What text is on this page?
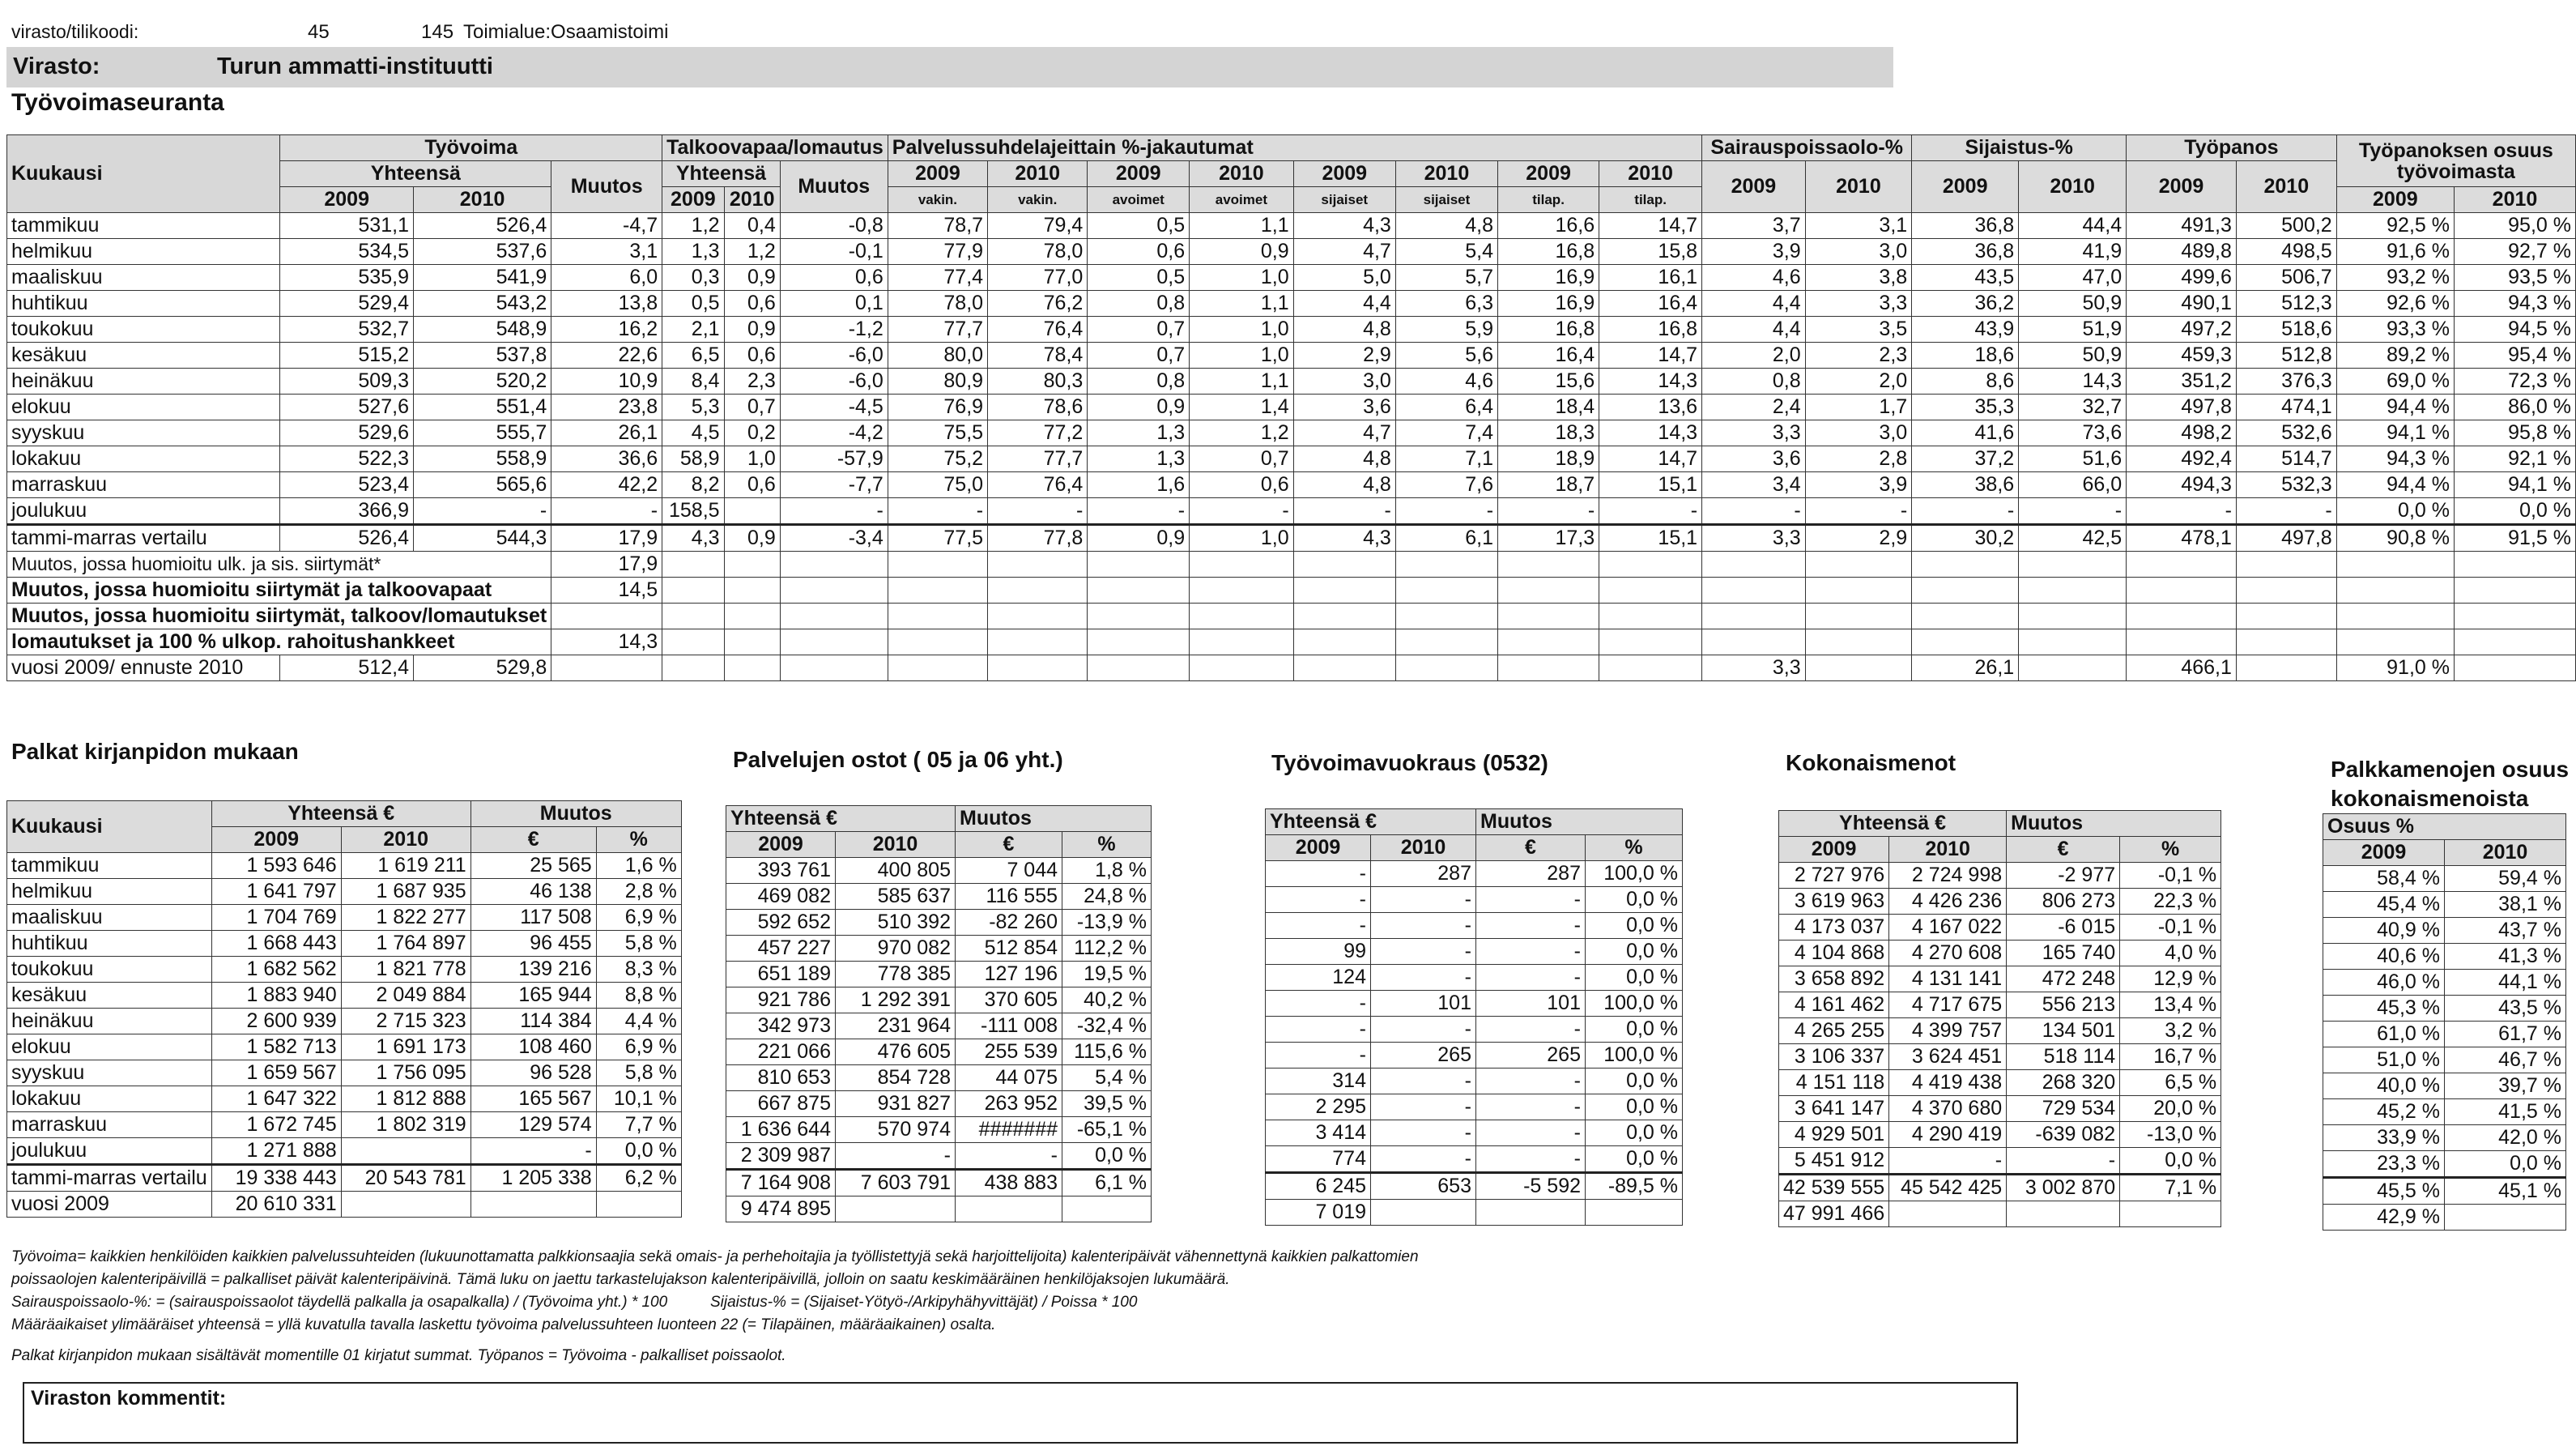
virasto/tilikoodi:	45	145 Toimialue:Osaamistoimi
Virasto:	Turun ammatti-instituutti
Työvoimaseuranta
Kuukausi	Työvoima			Talkoovapaa/lomautus			Palvelussuhdelajeittain %-jakautumat								Sairauspoissaolo-%		Sijaistus-%		Työpanos		Työpanoksen osuus työvoimasta	
	Yhteensä		Muutos	Yhteensä		Muutos	2009	2010	2009	2010	2009	2010	2009	2010	2009	2010	2009	2010	2009	2010		
	2009	2010		2009	2010		vakin.	vakin.	avoimet	avoimet	sijaiset	sijaiset	tilap.	tilap.							2009	2010
tammikuu	531,1	526,4	-4,7	1,2	0,4	-0,8	78,7	79,4	0,5	1,1	4,3	4,8	16,6	14,7	3,7	3,1	36,8	44,4	491,3	500,2	92,5 %	95,0 %
helmikuu	534,5	537,6	3,1	1,3	1,2	-0,1	77,9	78,0	0,6	0,9	4,7	5,4	16,8	15,8	3,9	3,0	36,8	41,9	489,8	498,5	91,6 %	92,7 %
maaliskuu	535,9	541,9	6,0	0,3	0,9	0,6	77,4	77,0	0,5	1,0	5,0	5,7	16,9	16,1	4,6	3,8	43,5	47,0	499,6	506,7	93,2 %	93,5 %
huhtikuu	529,4	543,2	13,8	0,5	0,6	0,1	78,0	76,2	0,8	1,1	4,4	6,3	16,9	16,4	4,4	3,3	36,2	50,9	490,1	512,3	92,6 %	94,3 %
toukokuu	532,7	548,9	16,2	2,1	0,9	-1,2	77,7	76,4	0,7	1,0	4,8	5,9	16,8	16,8	4,4	3,5	43,9	51,9	497,2	518,6	93,3 %	94,5 %
kesäkuu	515,2	537,8	22,6	6,5	0,6	-6,0	80,0	78,4	0,7	1,0	2,9	5,6	16,4	14,7	2,0	2,3	18,6	50,9	459,3	512,8	89,2 %	95,4 %
heinäkuu	509,3	520,2	10,9	8,4	2,3	-6,0	80,9	80,3	0,8	1,1	3,0	4,6	15,6	14,3	0,8	2,0	8,6	14,3	351,2	376,3	69,0 %	72,3 %
elokuu	527,6	551,4	23,8	5,3	0,7	-4,5	76,9	78,6	0,9	1,4	3,6	6,4	18,4	13,6	2,4	1,7	35,3	32,7	497,8	474,1	94,4 %	86,0 %
syyskuu	529,6	555,7	26,1	4,5	0,2	-4,2	75,5	77,2	1,3	1,2	4,7	7,4	18,3	14,3	3,3	3,0	41,6	73,6	498,2	532,6	94,1 %	95,8 %
lokakuu	522,3	558,9	36,6	58,9	1,0	-57,9	75,2	77,7	1,3	0,7	4,8	7,1	18,9	14,7	3,6	2,8	37,2	51,6	492,4	514,7	94,3 %	92,1 %
marraskuu	523,4	565,6	42,2	8,2	0,6	-7,7	75,0	76,4	1,6	0,6	4,8	7,6	18,7	15,1	3,4	3,9	38,6	66,0	494,3	532,3	94,4 %	94,1 %
joulukuu	366,9	-	-	158,5		-	-	-	-	-	-	-	-	-	-	-	-	-	-	-	0,0 %	0,0 %
tammi-marras vertailu	526,4	544,3	17,9	4,3	0,9	-3,4	77,5	77,8	0,9	1,0	4,3	6,1	17,3	15,1	3,3	2,9	30,2	42,5	478,1	497,8	90,8 %	91,5 %
Muutos, jossa huomioitu ulk. ja sis. siirtymät*			17,9																			
Muutos, jossa huomioitu siirtymät ja talkoovapaat			14,5																			
Muutos, jossa huomioitu siirtymät, talkoov/lomautukset																						
lomautukset ja 100 % ulkop. rahoitushankkeet			14,3																			
vuosi 2009/ ennuste 2010	512,4	529,8													3,3		26,1		466,1		91,0 %	
Palkat kirjanpidon mukaan	Palvelujen ostot ( 05 ja 06 yht.)	Työvoimavuokraus (0532)	Kokonaismenot	Palkkamenojen osuus kokonaismenoista
Kuukausi	Yhteensä €		Muutos	
	2009	2010	€	%
tammikuu	1 593 646	1 619 211	25 565	1,6 %
helmikuu	1 641 797	1 687 935	46 138	2,8 %
maaliskuu	1 704 769	1 822 277	117 508	6,9 %
huhtikuu	1 668 443	1 764 897	96 455	5,8 %
toukokuu	1 682 562	1 821 778	139 216	8,3 %
kesäkuu	1 883 940	2 049 884	165 944	8,8 %
heinäkuu	2 600 939	2 715 323	114 384	4,4 %
elokuu	1 582 713	1 691 173	108 460	6,9 %
syyskuu	1 659 567	1 756 095	96 528	5,8 %
lokakuu	1 647 322	1 812 888	165 567	10,1 %
marraskuu	1 672 745	1 802 319	129 574	7,7 %
joulukuu	1 271 888		-	0,0 %
tammi-marras vertailu	19 338 443	20 543 781	1 205 338	6,2 %
vuosi 2009	20 610 331			
Yhteensä €		Muutos	
2009	2010	€	%
393 761	400 805	7 044	1,8 %
469 082	585 637	116 555	24,8 %
592 652	510 392	-82 260	-13,9 %
457 227	970 082	512 854	112,2 %
651 189	778 385	127 196	19,5 %
921 786	1 292 391	370 605	40,2 %
342 973	231 964	-111 008	-32,4 %
221 066	476 605	255 539	115,6 %
810 653	854 728	44 075	5,4 %
667 875	931 827	263 952	39,5 %
1 636 644	570 974	#######	-65,1 %
2 309 987	-	-	0,0 %
7 164 908	7 603 791	438 883	6,1 %
9 474 895			
Yhteensä €		Muutos	
2009	2010	€	%
-	287	287	100,0 %
-	-	-	0,0 %
-	-	-	0,0 %
99	-	-	0,0 %
124	-	-	0,0 %
-	101	101	100,0 %
-	-	-	0,0 %
-	265	265	100,0 %
314	-	-	0,0 %
2 295	-	-	0,0 %
3 414	-	-	0,0 %
774	-	-	0,0 %
6 245	653	-5 592	-89,5 %
7 019			
Yhteensä €		Muutos	
2009	2010	€	%
2 727 976	2 724 998	-2 977	-0,1 %
3 619 963	4 426 236	806 273	22,3 %
4 173 037	4 167 022	-6 015	-0,1 %
4 104 868	4 270 608	165 740	4,0 %
3 658 892	4 131 141	472 248	12,9 %
4 161 462	4 717 675	556 213	13,4 %
4 265 255	4 399 757	134 501	3,2 %
3 106 337	3 624 451	518 114	16,7 %
4 151 118	4 419 438	268 320	6,5 %
3 641 147	4 370 680	729 534	20,0 %
4 929 501	4 290 419	-639 082	-13,0 %
5 451 912	-	-	0,0 %
42 539 555	45 542 425	3 002 870	7,1 %
47 991 466			
Osuus %	
2009	2010
58,4 %	59,4 %
45,4 %	38,1 %
40,9 %	43,7 %
40,6 %	41,3 %
46,0 %	44,1 %
45,3 %	43,5 %
61,0 %	61,7 %
51,0 %	46,7 %
40,0 %	39,7 %
45,2 %	41,5 %
33,9 %	42,0 %
23,3 %	0,0 %
45,5 %	45,1 %
42,9 %	
Työvoima= kaikkien henkilöiden kaikkien palvelussuhteiden (lukuunottamatta palkkionsaajia sekä omais- ja perhehoitajia ja työllistettyjä sekä harjoittelijoita) kalenteripäivät vähennettynä kaikkien palkattomien
poissaolojen kalenteripäivillä = palkalliset päivät kalenteripäivinä. Tämä luku on jaettu tarkastelujakson kalenteripäivillä, jolloin on saatu keskimääräinen henkilöjaksojen lukumäärä.
Sairauspoissaolo-%: = (sairauspoissaolot täydellä palkalla ja osapalkalla) / (Työvoima yht.) * 100          Sijaistus-% = (Sijaiset-Yötyö-/Arkipyhähyvittäjät) / Poissa * 100
Määräaikaiset ylimääräiset yhteensä = yllä kuvatulla tavalla laskettu työvoima palvelussuhteen luonteen 22 (= Tilapäinen, määräaikainen) osalta.
Palkat kirjanpidon mukaan sisältävät momentille 01 kirjatut summat. Työpanos = Työvoima - palkalliset poissaolot.
Viraston kommentit:
